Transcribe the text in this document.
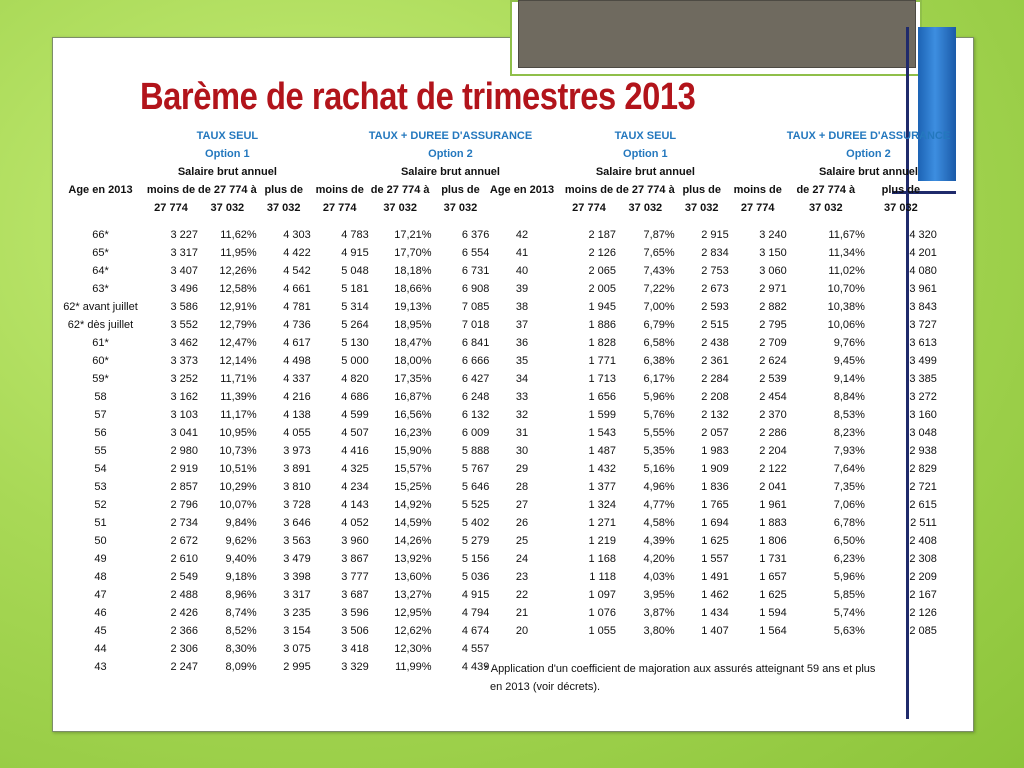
Barème de rachat de trimestres 2013
	TAUX SEUL				TAUX + DUREE D'ASSURANCE		
	Option 1				Option 2		
	Salaire brut annuel				Salaire brut annuel		
Age en 2013	moins de	de 27 774 à	plus de	moins de	de 27 774 à	plus de	
	27 774	37 032	37 032	27 774	37 032	37 032	

66*	3 227	11,62%	4 303	4 783	17,21%	6 376	
65*	3 317	11,95%	4 422	4 915	17,70%	6 554	
64*	3 407	12,26%	4 542	5 048	18,18%	6 731	
63*	3 496	12,58%	4 661	5 181	18,66%	6 908	
62* avant juillet	3 586	12,91%	4 781	5 314	19,13%	7 085	
62* dès juillet	3 552	12,79%	4 736	5 264	18,95%	7 018	
61*	3 462	12,47%	4 617	5 130	18,47%	6 841	
60*	3 373	12,14%	4 498	5 000	18,00%	6 666	
59*	3 252	11,71%	4 337	4 820	17,35%	6 427	
58	3 162	11,39%	4 216	4 686	16,87%	6 248	
57	3 103	11,17%	4 138	4 599	16,56%	6 132	
56	3 041	10,95%	4 055	4 507	16,23%	6 009	
55	2 980	10,73%	3 973	4 416	15,90%	5 888	
54	2 919	10,51%	3 891	4 325	15,57%	5 767	
53	2 857	10,29%	3 810	4 234	15,25%	5 646	
52	2 796	10,07%	3 728	4 143	14,92%	5 525	
51	2 734	9,84%	3 646	4 052	14,59%	5 402	
50	2 672	9,62%	3 563	3 960	14,26%	5 279	
49	2 610	9,40%	3 479	3 867	13,92%	5 156	
48	2 549	9,18%	3 398	3 777	13,60%	5 036	
47	2 488	8,96%	3 317	3 687	13,27%	4 915	
46	2 426	8,74%	3 235	3 596	12,95%	4 794	
45	2 366	8,52%	3 154	3 506	12,62%	4 674	
44	2 306	8,30%	3 075	3 418	12,30%	4 557	
43	2 247	8,09%	2 995	3 329	11,99%	4 439	
	TAUX SEUL				TAUX + DUREE D'ASSURANCE		
	Option 1				Option 2		
	Salaire brut annuel				Salaire brut annuel		
Age en 2013	moins de	de 27 774 à	plus de	moins de	de 27 774 à	plus de	
	27 774	37 032	37 032	27 774	37 032	37 032	

42	2 187	7,87%	2 915	3 240	11,67%	4 320	
41	2 126	7,65%	2 834	3 150	11,34%	4 201	
40	2 065	7,43%	2 753	3 060	11,02%	4 080	
39	2 005	7,22%	2 673	2 971	10,70%	3 961	
38	1 945	7,00%	2 593	2 882	10,38%	3 843	
37	1 886	6,79%	2 515	2 795	10,06%	3 727	
36	1 828	6,58%	2 438	2 709	9,76%	3 613	
35	1 771	6,38%	2 361	2 624	9,45%	3 499	
34	1 713	6,17%	2 284	2 539	9,14%	3 385	
33	1 656	5,96%	2 208	2 454	8,84%	3 272	
32	1 599	5,76%	2 132	2 370	8,53%	3 160	
31	1 543	5,55%	2 057	2 286	8,23%	3 048	
30	1 487	5,35%	1 983	2 204	7,93%	2 938	
29	1 432	5,16%	1 909	2 122	7,64%	2 829	
28	1 377	4,96%	1 836	2 041	7,35%	2 721	
27	1 324	4,77%	1 765	1 961	7,06%	2 615	
26	1 271	4,58%	1 694	1 883	6,78%	2 511	
25	1 219	4,39%	1 625	1 806	6,50%	2 408	
24	1 168	4,20%	1 557	1 731	6,23%	2 308	
23	1 118	4,03%	1 491	1 657	5,96%	2 209	
22	1 097	3,95%	1 462	1 625	5,85%	2 167	
21	1 076	3,87%	1 434	1 594	5,74%	2 126	
20	1 055	3,80%	1 407	1 564	5,63%	2 085	
* Application d'un coefficient de majoration aux assurés atteignant 59 ans et plus
en 2013 (voir décrets).
